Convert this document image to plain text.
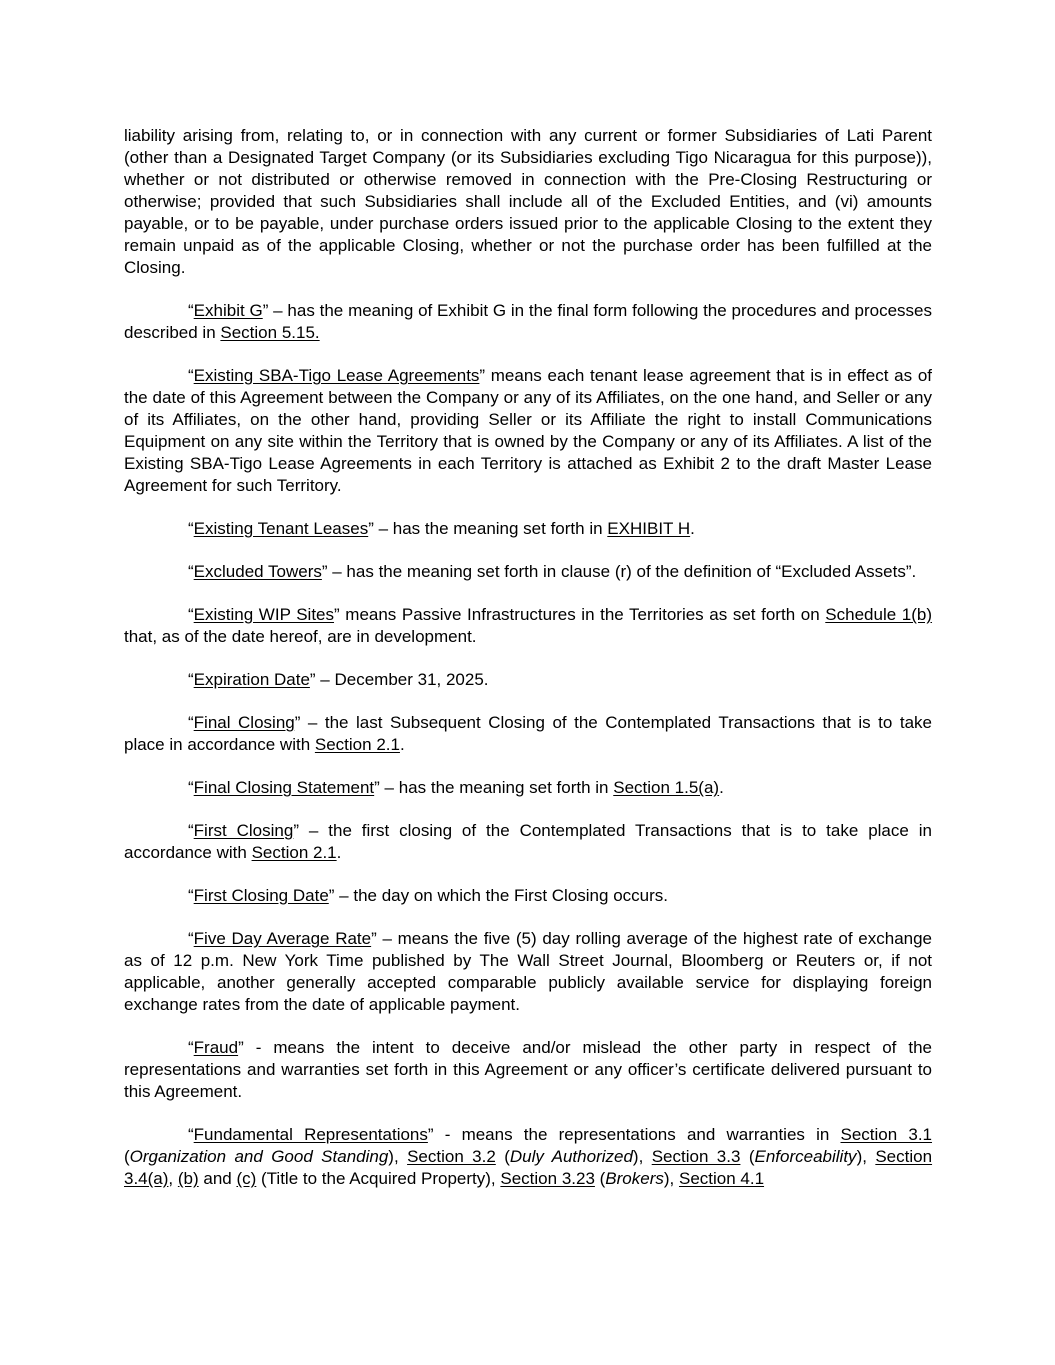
liability arising from, relating to, or in connection with any current or former Subsidiaries of Lati Parent (other than a Designated Target Company (or its Subsidiaries excluding Tigo Nicaragua for this purpose)), whether or not distributed or otherwise removed in connection with the Pre-Closing Restructuring or otherwise; provided that such Subsidiaries shall include all of the Excluded Entities, and (vi) amounts payable, or to be payable, under purchase orders issued prior to the applicable Closing to the extent they remain unpaid as of the applicable Closing, whether or not the purchase order has been fulfilled at the Closing.

“Exhibit G” – has the meaning of Exhibit G in the final form following the procedures and processes described in Section 5.15.

“Existing SBA-Tigo Lease Agreements” means each tenant lease agreement that is in effect as of the date of this Agreement between the Company or any of its Affiliates, on the one hand, and Seller or any of its Affiliates, on the other hand, providing Seller or its Affiliate the right to install Communications Equipment on any site within the Territory that is owned by the Company or any of its Affiliates. A list of the Existing SBA-Tigo Lease Agreements in each Territory is attached as Exhibit 2 to the draft Master Lease Agreement for such Territory.

“Existing Tenant Leases” – has the meaning set forth in EXHIBIT H.

“Excluded Towers” – has the meaning set forth in clause (r) of the definition of “Excluded Assets”.

“Existing WIP Sites” means Passive Infrastructures in the Territories as set forth on Schedule 1(b) that, as of the date hereof, are in development.

“Expiration Date” – December 31, 2025.

“Final Closing” – the last Subsequent Closing of the Contemplated Transactions that is to take place in accordance with Section 2.1.

“Final Closing Statement” – has the meaning set forth in Section 1.5(a).

“First Closing” – the first closing of the Contemplated Transactions that is to take place in accordance with Section 2.1.

“First Closing Date” – the day on which the First Closing occurs.

“Five Day Average Rate” – means the five (5) day rolling average of the highest rate of exchange as of 12 p.m. New York Time published by The Wall Street Journal, Bloomberg or Reuters or, if not applicable, another generally accepted comparable publicly available service for displaying foreign exchange rates from the date of applicable payment.

“Fraud” - means the intent to deceive and/or mislead the other party in respect of the representations and warranties set forth in this Agreement or any officer’s certificate delivered pursuant to this Agreement.

“Fundamental Representations” - means the representations and warranties in Section 3.1 (Organization and Good Standing), Section 3.2 (Duly Authorized), Section 3.3 (Enforceability), Section 3.4(a), (b) and (c) (Title to the Acquired Property), Section 3.23 (Brokers), Section 4.1
